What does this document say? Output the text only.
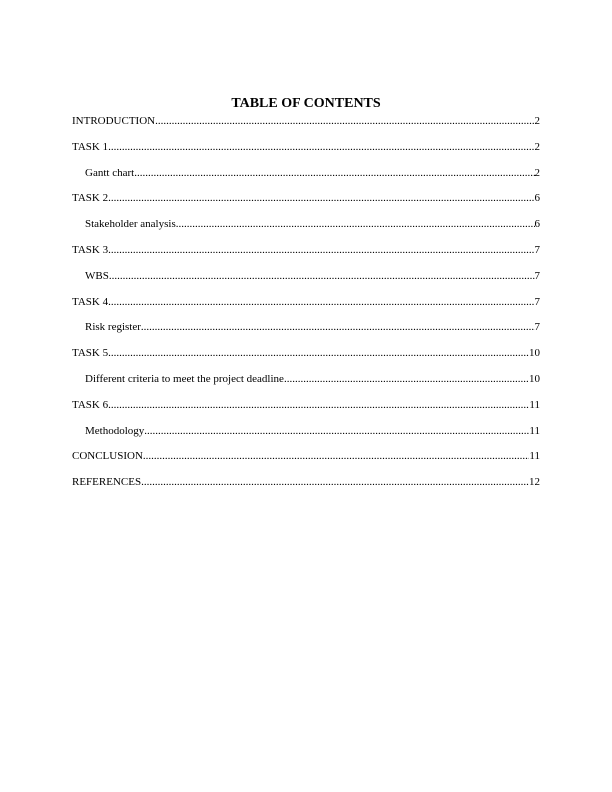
TABLE OF CONTENTS
INTRODUCTION .....	2
TASK 1 .....	2
Gantt chart .....	2
TASK 2 .....	6
Stakeholder analysis .....	6
TASK 3 .....	7
WBS .....	7
TASK 4 .....	7
Risk register .....	7
TASK 5 .....	10
Different criteria to meet the project deadline .....	10
TASK 6 .....	11
Methodology .....	11
CONCLUSION .....	11
REFERENCES .....	12
